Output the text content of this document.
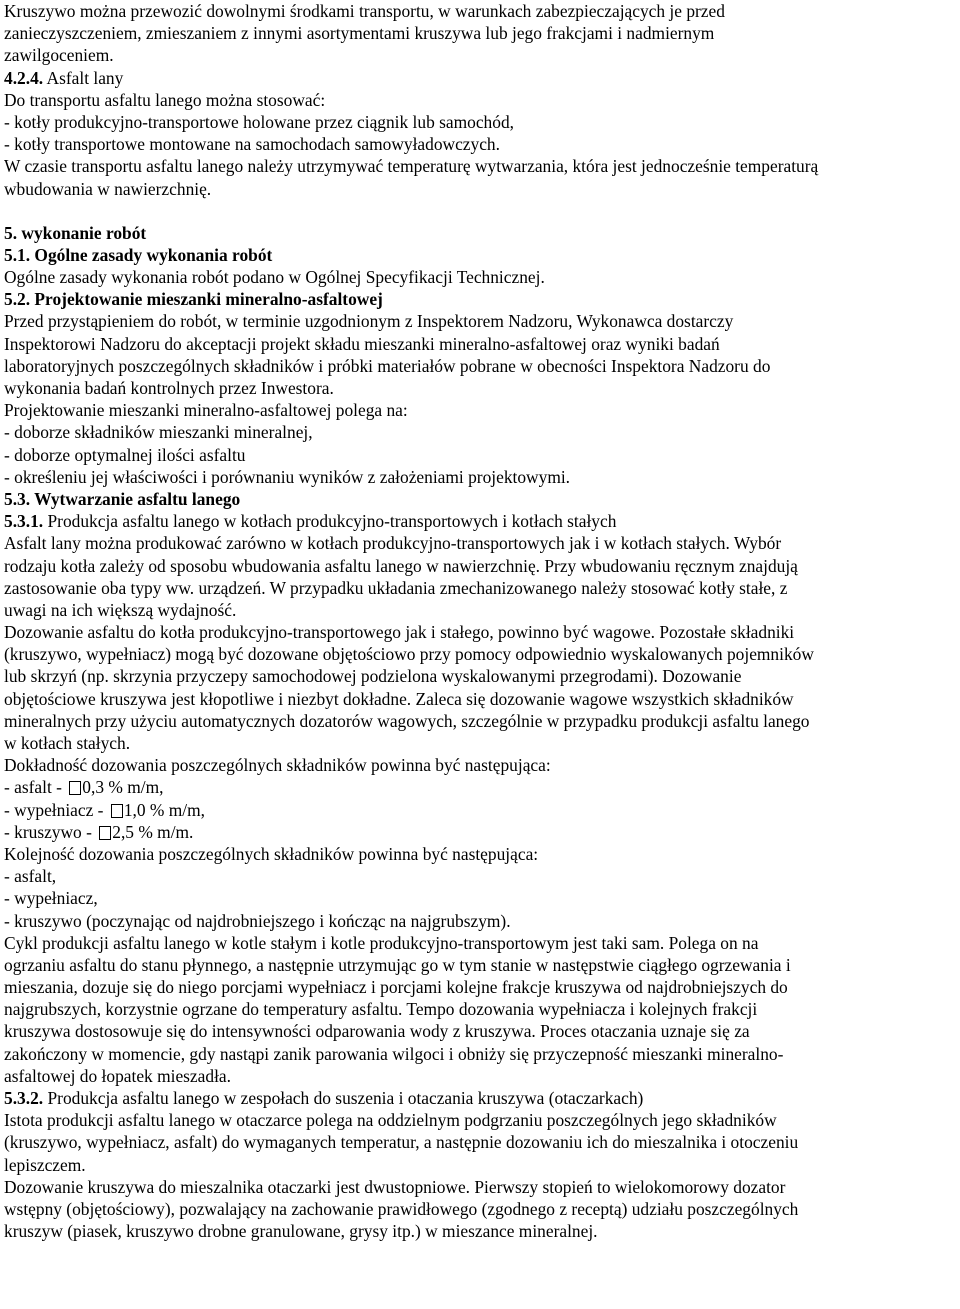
Kruszywo można przewozić dowolnymi środkami transportu, w warunkach zabezpieczających je przed
zanieczyszczeniem, zmieszaniem z innymi asortymentami kruszywa lub jego frakcjami i nadmiernym
zawilgoceniem.
4.2.4. Asfalt lany
Do transportu asfaltu lanego można stosować:
- kotły produkcyjno-transportowe holowane przez ciągnik lub samochód,
- kotły transportowe montowane na samochodach samowyładowczych.
W czasie transportu asfaltu lanego należy utrzymywać temperaturę wytwarzania, która jest jednocześnie temperaturą
wbudowania w nawierzchnię.
5. wykonanie robót
5.1. Ogólne zasady wykonania robót
Ogólne zasady wykonania robót podano w Ogólnej Specyfikacji Technicznej.
5.2. Projektowanie mieszanki mineralno-asfaltowej
Przed przystąpieniem do robót, w terminie uzgodnionym z Inspektorem Nadzoru, Wykonawca dostarczy
Inspektorowi Nadzoru do akceptacji projekt składu mieszanki mineralno-asfaltowej oraz wyniki badań
laboratoryjnych poszczególnych składników i próbki materiałów pobrane w obecności Inspektora Nadzoru do
wykonania badań kontrolnych przez Inwestora.
Projektowanie mieszanki mineralno-asfaltowej polega na:
- doborze składników mieszanki mineralnej,
- doborze optymalnej ilości asfaltu
- określeniu jej właściwości i porównaniu wyników z założeniami projektowymi.
5.3. Wytwarzanie asfaltu lanego
5.3.1. Produkcja asfaltu lanego w kotłach produkcyjno-transportowych i kotłach stałych
Asfalt lany można produkować zarówno w kotłach produkcyjno-transportowych jak i w kotłach stałych. Wybór
rodzaju kotła zależy od sposobu wbudowania asfaltu lanego w nawierzchnię. Przy wbudowaniu ręcznym znajdują
zastosowanie oba typy ww. urządzeń. W przypadku układania zmechanizowanego należy stosować kotły stałe, z
uwagi na ich większą wydajność.
Dozowanie asfaltu do kotła produkcyjno-transportowego jak i stałego, powinno być wagowe. Pozostałe składniki
(kruszywo, wypełniacz) mogą być dozowane objętościowo przy pomocy odpowiednio wyskalowanych pojemników
lub skrzyń (np. skrzynia przyczepy samochodowej podzielona wyskalowanymi przegrodami). Dozowanie
objętościowe kruszywa jest kłopotliwe i niezbyt dokładne. Zaleca się dozowanie wagowe wszystkich składników
mineralnych przy użyciu automatycznych dozatorów wagowych, szczególnie w przypadku produkcji asfaltu lanego
w kotłach stałych.
Dokładność dozowania poszczególnych składników powinna być następująca:
- asfalt - 0,3 % m/m,
- wypełniacz - 1,0 % m/m,
- kruszywo - 2,5 % m/m.
Kolejność dozowania poszczególnych składników powinna być następująca:
- asfalt,
- wypełniacz,
- kruszywo (poczynając od najdrobniejszego i kończąc na najgrubszym).
Cykl produkcji asfaltu lanego w kotle stałym i kotle produkcyjno-transportowym jest taki sam. Polega on na
ogrzaniu asfaltu do stanu płynnego, a następnie utrzymując go w tym stanie w następstwie ciągłego ogrzewania i
mieszania, dozuje się do niego porcjami wypełniacz i porcjami kolejne frakcje kruszywa od najdrobniejszych do
najgrubszych, korzystnie ogrzane do temperatury asfaltu. Tempo dozowania wypełniacza i kolejnych frakcji
kruszywa dostosowuje się do intensywności odparowania wody z kruszywa. Proces otaczania uznaje się za
zakończony w momencie, gdy nastąpi zanik parowania wilgoci i obniży się przyczepność mieszanki mineralno-
asfaltowej do łopatek mieszadła.
5.3.2. Produkcja asfaltu lanego w zespołach do suszenia i otaczania kruszywa (otaczarkach)
Istota produkcji asfaltu lanego w otaczarce polega na oddzielnym podgrzaniu poszczególnych jego składników
(kruszywo, wypełniacz, asfalt) do wymaganych temperatur, a następnie dozowaniu ich do mieszalnika i otoczeniu
lepiszczem.
Dozowanie kruszywa do mieszalnika otaczarki jest dwustopniowe. Pierwszy stopień to wielokomorowy dozator
wstępny (objętościowy), pozwalający na zachowanie prawidłowego (zgodnego z receptą) udziału poszczególnych
kruszyw (piasek, kruszywo drobne granulowane, grysy itp.) w mieszance mineralnej.
